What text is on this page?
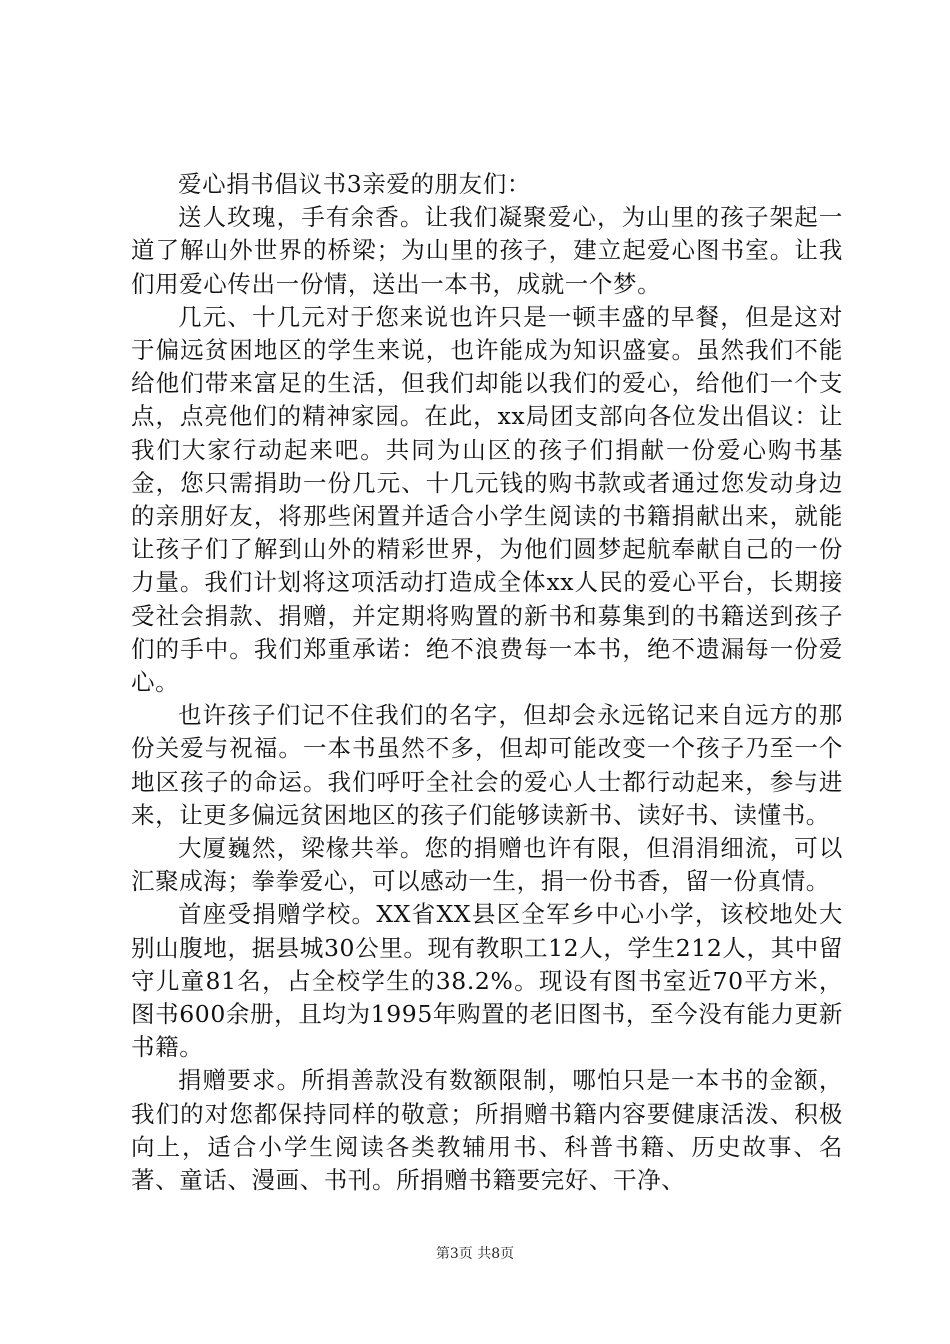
爱心捐书倡议书3亲爱的朋友们：

送人玫瑰，手有余香。让我们凝聚爱心，为山里的孩子架起一道了解山外世界的桥梁；为山里的孩子，建立起爱心图书室。让我们用爱心传出一份情，送出一本书，成就一个梦。

几元、十几元对于您来说也许只是一顿丰盛的早餐，但是这对于偏远贫困地区的学生来说，也许能成为知识盛宴。虽然我们不能给他们带来富足的生活，但我们却能以我们的爱心，给他们一个支点，点亮他们的精神家园。在此，xx局团支部向各位发出倡议：让我们大家行动起来吧。共同为山区的孩子们捐献一份爱心购书基金，您只需捐助一份几元、十几元钱的购书款或者通过您发动身边的亲朋好友，将那些闲置并适合小学生阅读的书籍捐献出来，就能让孩子们了解到山外的精彩世界，为他们圆梦起航奉献自己的一份力量。我们计划将这项活动打造成全体xx人民的爱心平台，长期接受社会捐款、捐赠，并定期将购置的新书和募集到的书籍送到孩子们的手中。我们郑重承诺：绝不浪费每一本书，绝不遗漏每一份爱心。

也许孩子们记不住我们的名字，但却会永远铭记来自远方的那份关爱与祝福。一本书虽然不多，但却可能改变一个孩子乃至一个地区孩子的命运。我们呼吁全社会的爱心人士都行动起来，参与进来，让更多偏远贫困地区的孩子们能够读新书、读好书、读懂书。

大厦巍然，梁椽共举。您的捐赠也许有限，但涓涓细流，可以汇聚成海；拳拳爱心，可以感动一生，捐一份书香，留一份真情。

首座受捐赠学校。XX省XX县区全军乡中心小学，该校地处大别山腹地，据县城30公里。现有教职工12人，学生212人，其中留守儿童81名，占全校学生的38.2%。现设有图书室近70平方米，图书600余册，且均为1995年购置的老旧图书，至今没有能力更新书籍。

捐赠要求。所捐善款没有数额限制，哪怕只是一本书的金额，我们的对您都保持同样的敬意；所捐赠书籍内容要健康活泼、积极向上，适合小学生阅读各类教辅用书、科普书籍、历史故事、名著、童话、漫画、书刊。所捐赠书籍要完好、干净、

第3页 共8页
